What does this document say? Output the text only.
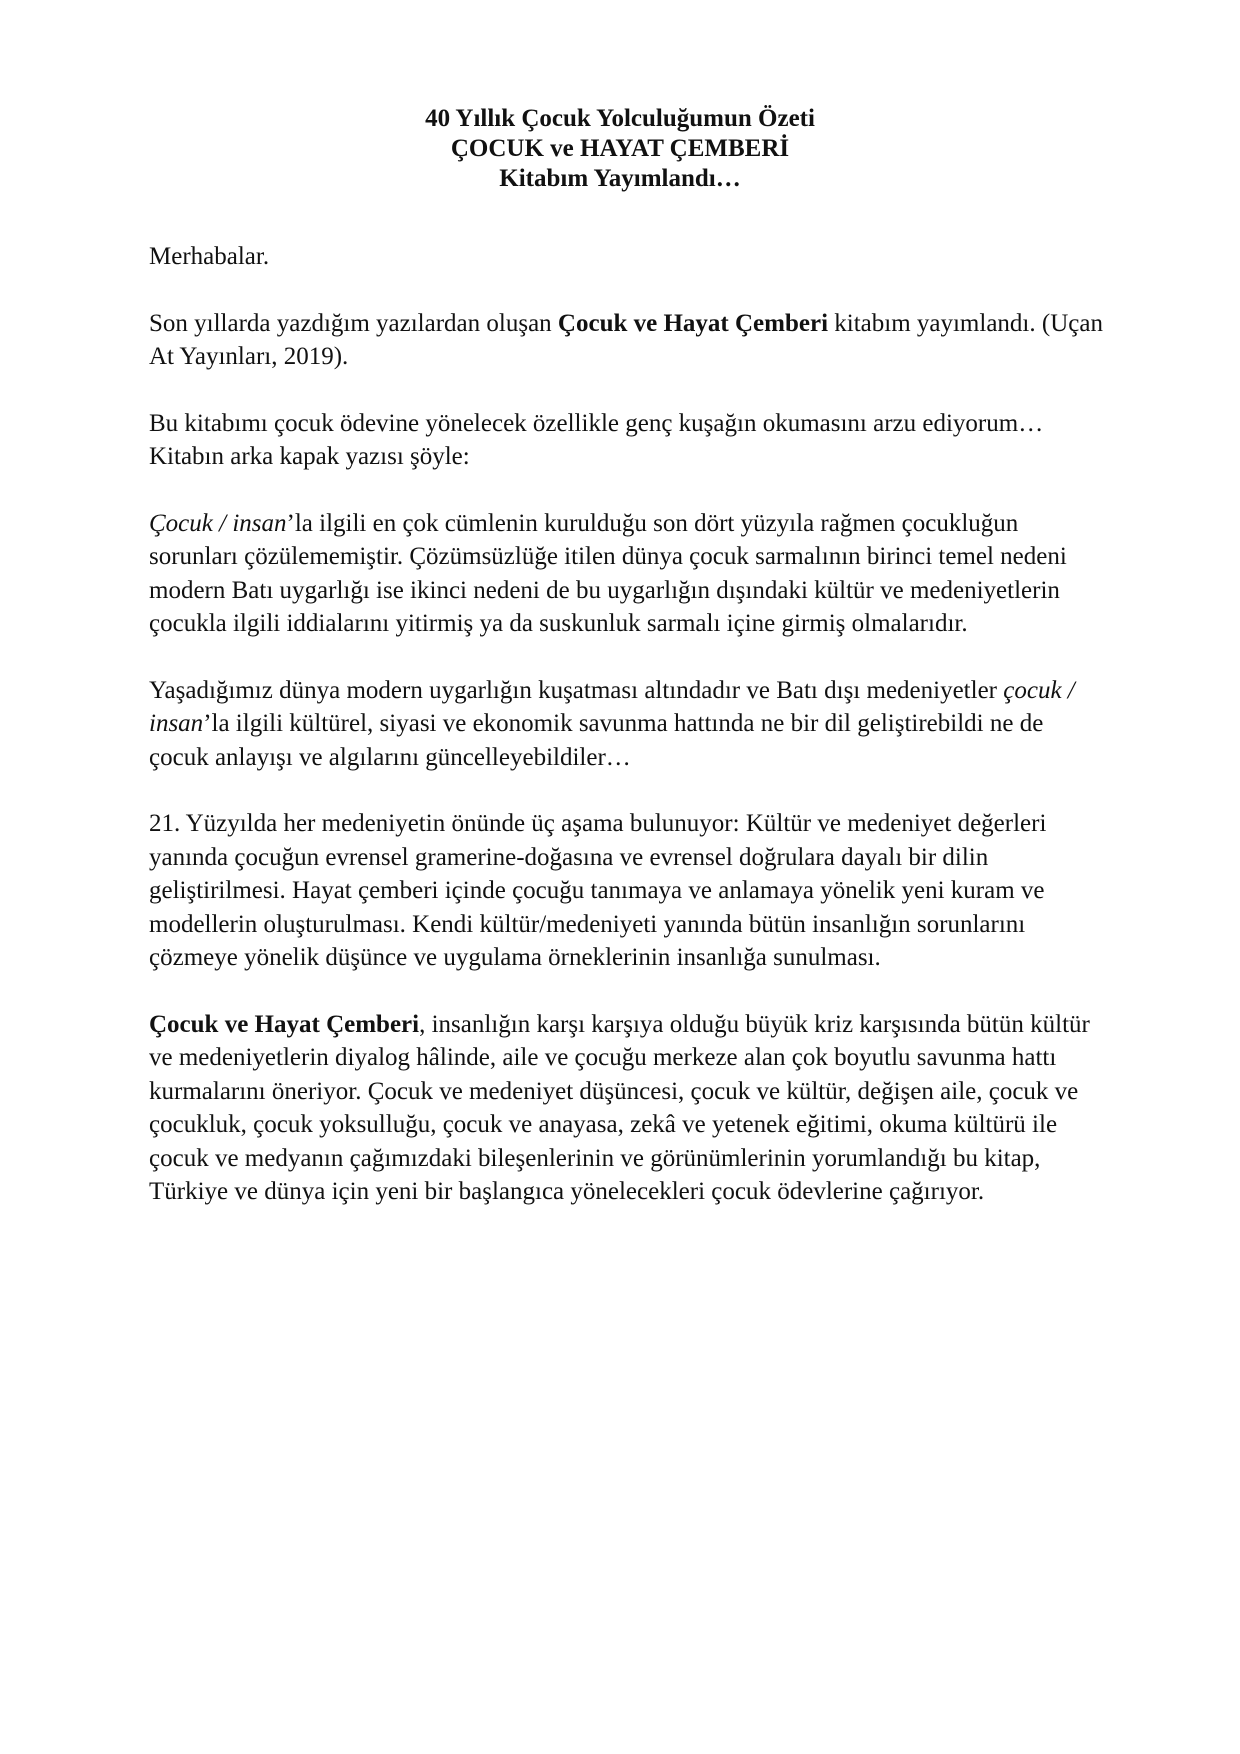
40 Yıllık Çocuk Yolculuğumun Özeti
ÇOCUK ve HAYAT ÇEMBERİ
Kitabım Yayımlandı…

Merhabalar.

Son yıllarda yazdığım yazılardan oluşan Çocuk ve Hayat Çemberi kitabım yayımlandı. (Uçan At Yayınları, 2019).

Bu kitabımı çocuk ödevine yönelecek özellikle genç kuşağın okumasını arzu ediyorum… Kitabın arka kapak yazısı şöyle:

Çocuk / insan’la ilgili en çok cümlenin kurulduğu son dört yüzyıla rağmen çocukluğun sorunları çözülememiştir. Çözümsüzlüğe itilen dünya çocuk sarmalının birinci temel nedeni modern Batı uygarlığı ise ikinci nedeni de bu uygarlığın dışındaki kültür ve medeniyetlerin çocukla ilgili iddialarını yitirmiş ya da suskunluk sarmalı içine girmiş olmalarıdır.

Yaşadığımız dünya modern uygarlığın kuşatması altındadır ve Batı dışı medeniyetler çocuk / insan’la ilgili kültürel, siyasi ve ekonomik savunma hattında ne bir dil geliştirebildi ne de çocuk anlayışı ve algılarını güncelleyebildiler…

21. Yüzyılda her medeniyetin önünde üç aşama bulunuyor: Kültür ve medeniyet değerleri yanında çocuğun evrensel gramerine-doğasına ve evrensel doğrulara dayalı bir dilin geliştirilmesi. Hayat çemberi içinde çocuğu tanımaya ve anlamaya yönelik yeni kuram ve modellerin oluşturulması. Kendi kültür/medeniyeti yanında bütün insanlığın sorunlarını çözmeye yönelik düşünce ve uygulama örneklerinin insanlığa sunulması.

Çocuk ve Hayat Çemberi, insanlığın karşı karşıya olduğu büyük kriz karşısında bütün kültür ve medeniyetlerin diyalog hâlinde, aile ve çocuğu merkeze alan çok boyutlu savunma hattı kurmalarını öneriyor. Çocuk ve medeniyet düşüncesi, çocuk ve kültür, değişen aile, çocuk ve çocukluk, çocuk yoksulluğu, çocuk ve anayasa, zekâ ve yetenek eğitimi, okuma kültürü ile çocuk ve medyanın çağımızdaki bileşenlerinin ve görünümlerinin yorumlandığı bu kitap, Türkiye ve dünya için yeni bir başlangıca yönelecekleri çocuk ödevlerine çağırıyor.
